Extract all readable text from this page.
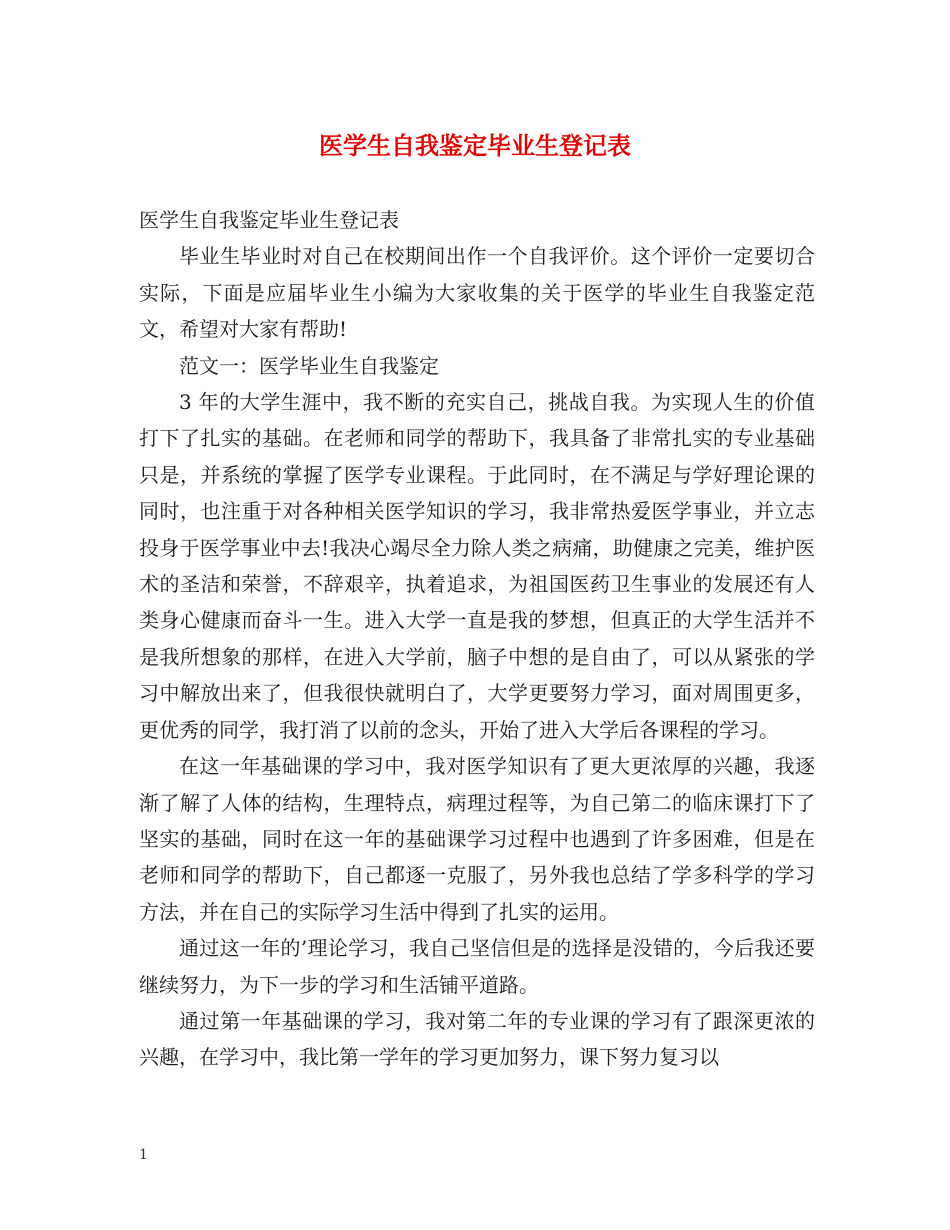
医学生自我鉴定毕业生登记表

医学生自我鉴定毕业生登记表

毕业生毕业时对自己在校期间出作一个自我评价。这个评价一定要切合实际，下面是应届毕业生小编为大家收集的关于医学的毕业生自我鉴定范文，希望对大家有帮助!

范文一：医学毕业生自我鉴定

3 年的大学生涯中，我不断的充实自己，挑战自我。为实现人生的价值打下了扎实的基础。在老师和同学的帮助下，我具备了非常扎实的专业基础只是，并系统的掌握了医学专业课程。于此同时，在不满足与学好理论课的同时，也注重于对各种相关医学知识的学习，我非常热爱医学事业，并立志投身于医学事业中去!我决心竭尽全力除人类之病痛，助健康之完美，维护医术的圣洁和荣誉，不辞艰辛，执着追求，为祖国医药卫生事业的发展还有人类身心健康而奋斗一生。进入大学一直是我的梦想，但真正的大学生活并不是我所想象的那样，在进入大学前，脑子中想的是自由了，可以从紧张的学习中解放出来了，但我很快就明白了，大学更要努力学习，面对周围更多，更优秀的同学，我打消了以前的念头，开始了进入大学后各课程的学习。

在这一年基础课的学习中，我对医学知识有了更大更浓厚的兴趣，我逐渐了解了人体的结构，生理特点，病理过程等，为自己第二的临床课打下了坚实的基础，同时在这一年的基础课学习过程中也遇到了许多困难，但是在老师和同学的帮助下，自己都逐一克服了，另外我也总结了学多科学的学习方法，并在自己的实际学习生活中得到了扎实的运用。

通过这一年的’理论学习，我自己坚信但是的选择是没错的，今后我还要继续努力，为下一步的学习和生活铺平道路。

通过第一年基础课的学习，我对第二年的专业课的学习有了跟深更浓的兴趣，在学习中，我比第一学年的学习更加努力，课下努力复习以

1
